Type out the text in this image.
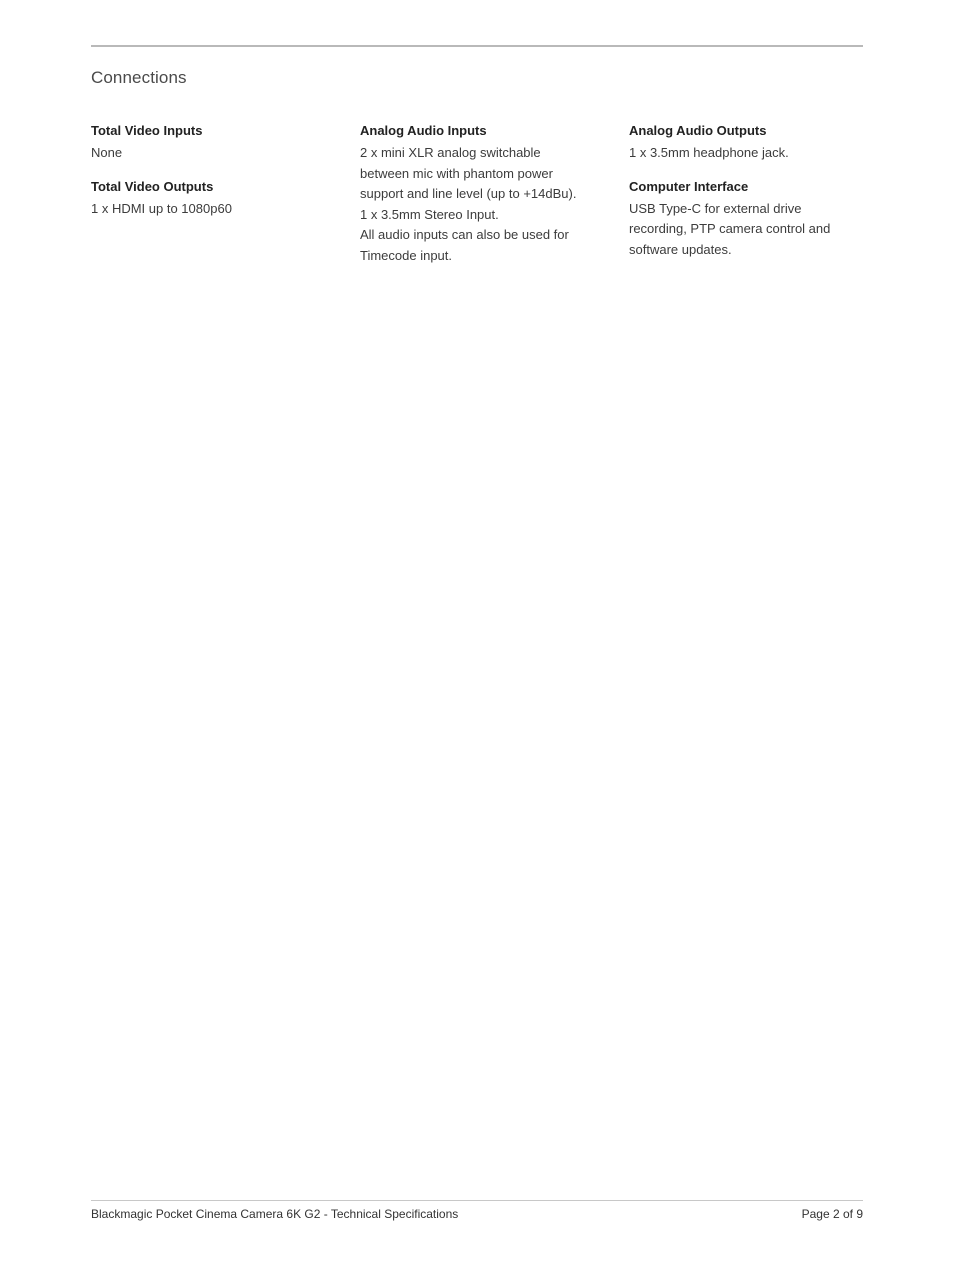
Connections
Total Video Inputs
None
Total Video Outputs
1 x HDMI up to 1080p60
Analog Audio Inputs
2 x mini XLR analog switchable
between mic with phantom power
support and line level (up to +14dBu).
1 x 3.5mm Stereo Input.
All audio inputs can also be used for
Timecode input.
Analog Audio Outputs
1 x 3.5mm headphone jack.
Computer Interface
USB Type-C for external drive
recording, PTP camera control and
software updates.
Blackmagic Pocket Cinema Camera 6K G2 - Technical Specifications	Page 2 of 9
